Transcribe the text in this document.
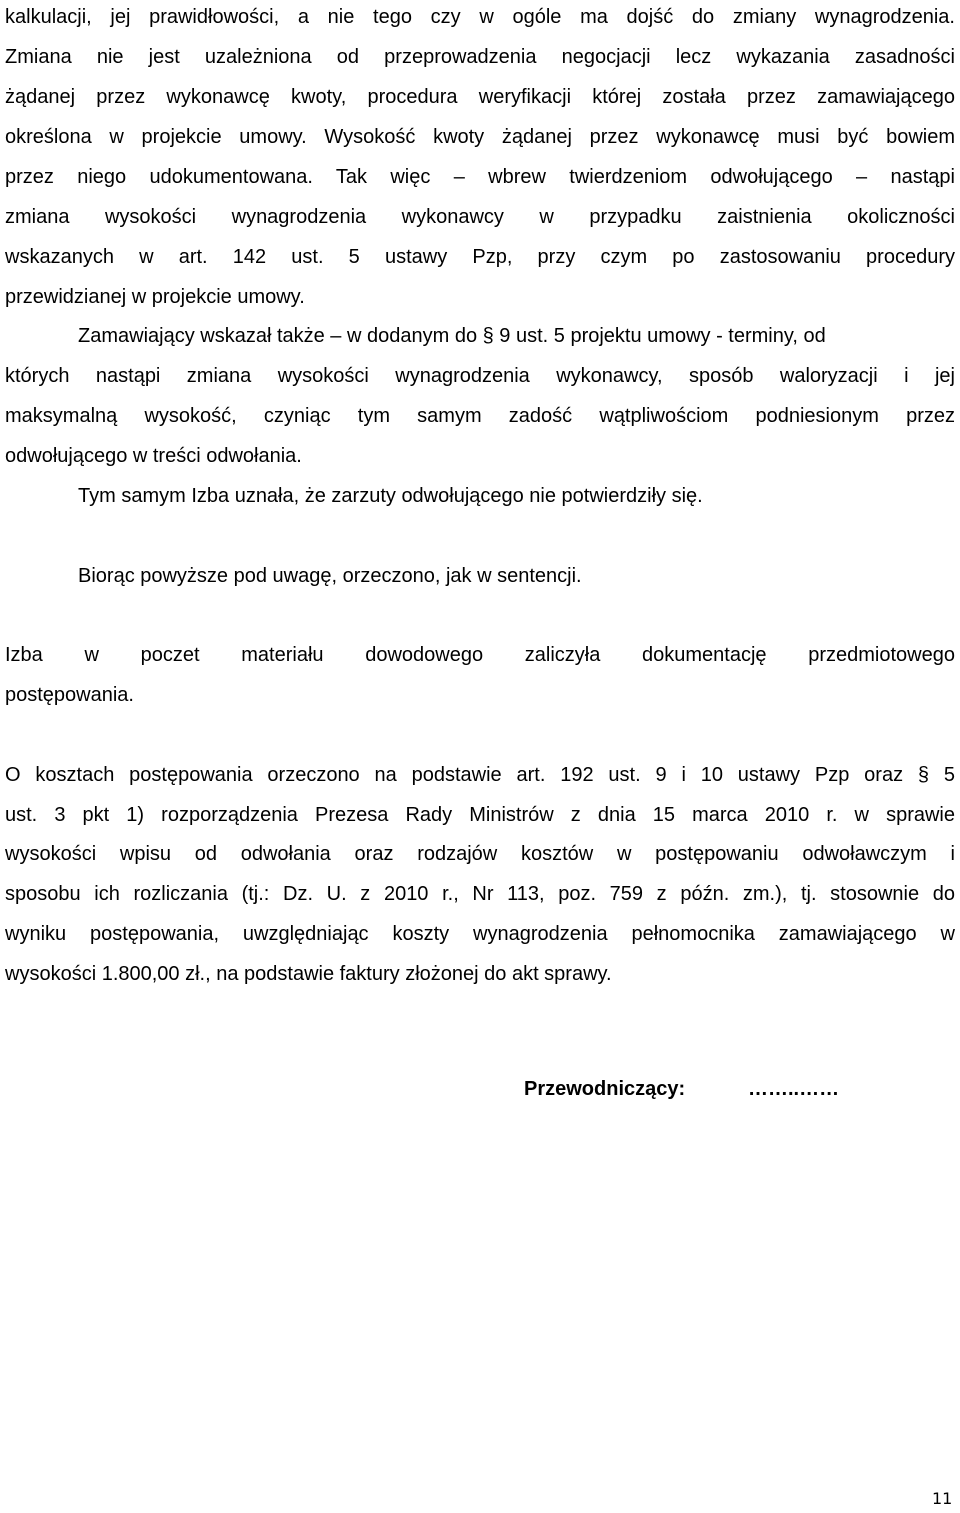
kalkulacji, jej prawidłowości, a nie tego czy w ogóle ma dojść do zmiany wynagrodzenia.
Zmiana nie jest uzależniona od przeprowadzenia negocjacji lecz wykazania zasadności
żądanej przez wykonawcę kwoty, procedura weryfikacji której została przez zamawiającego
określona w projekcie umowy. Wysokość kwoty żądanej przez wykonawcę musi być bowiem
przez niego udokumentowana. Tak więc – wbrew twierdzeniom odwołującego – nastąpi
zmiana wysokości wynagrodzenia wykonawcy w przypadku zaistnienia okoliczności
wskazanych w art. 142 ust. 5 ustawy Pzp, przy czym po zastosowaniu procedury
przewidzianej w projekcie umowy.
Zamawiający wskazał także – w dodanym do § 9 ust. 5 projektu umowy - terminy, od
których nastąpi zmiana wysokości wynagrodzenia wykonawcy, sposób waloryzacji i jej
maksymalną wysokość, czyniąc tym samym zadość wątpliwościom podniesionym przez
odwołującego w treści odwołania.
Tym samym Izba uznała, że zarzuty odwołującego nie potwierdziły się.
Biorąc powyższe pod uwagę, orzeczono, jak w sentencji.
Izba w poczet materiału dowodowego zaliczyła dokumentację przedmiotowego
postępowania.
O kosztach postępowania orzeczono na podstawie art. 192 ust. 9 i 10 ustawy Pzp oraz § 5
ust. 3 pkt 1) rozporządzenia Prezesa Rady Ministrów z dnia 15 marca 2010 r. w sprawie
wysokości wpisu od odwołania oraz rodzajów kosztów w postępowaniu odwoławczym i
sposobu ich rozliczania (tj.: Dz. U. z 2010 r., Nr 113, poz. 759 z późn. zm.), tj. stosownie do
wyniku postępowania, uwzględniając koszty wynagrodzenia pełnomocnika zamawiającego w
wysokości 1.800,00 zł., na podstawie faktury złożonej do akt sprawy.
Przewodniczący:	……..……
11
